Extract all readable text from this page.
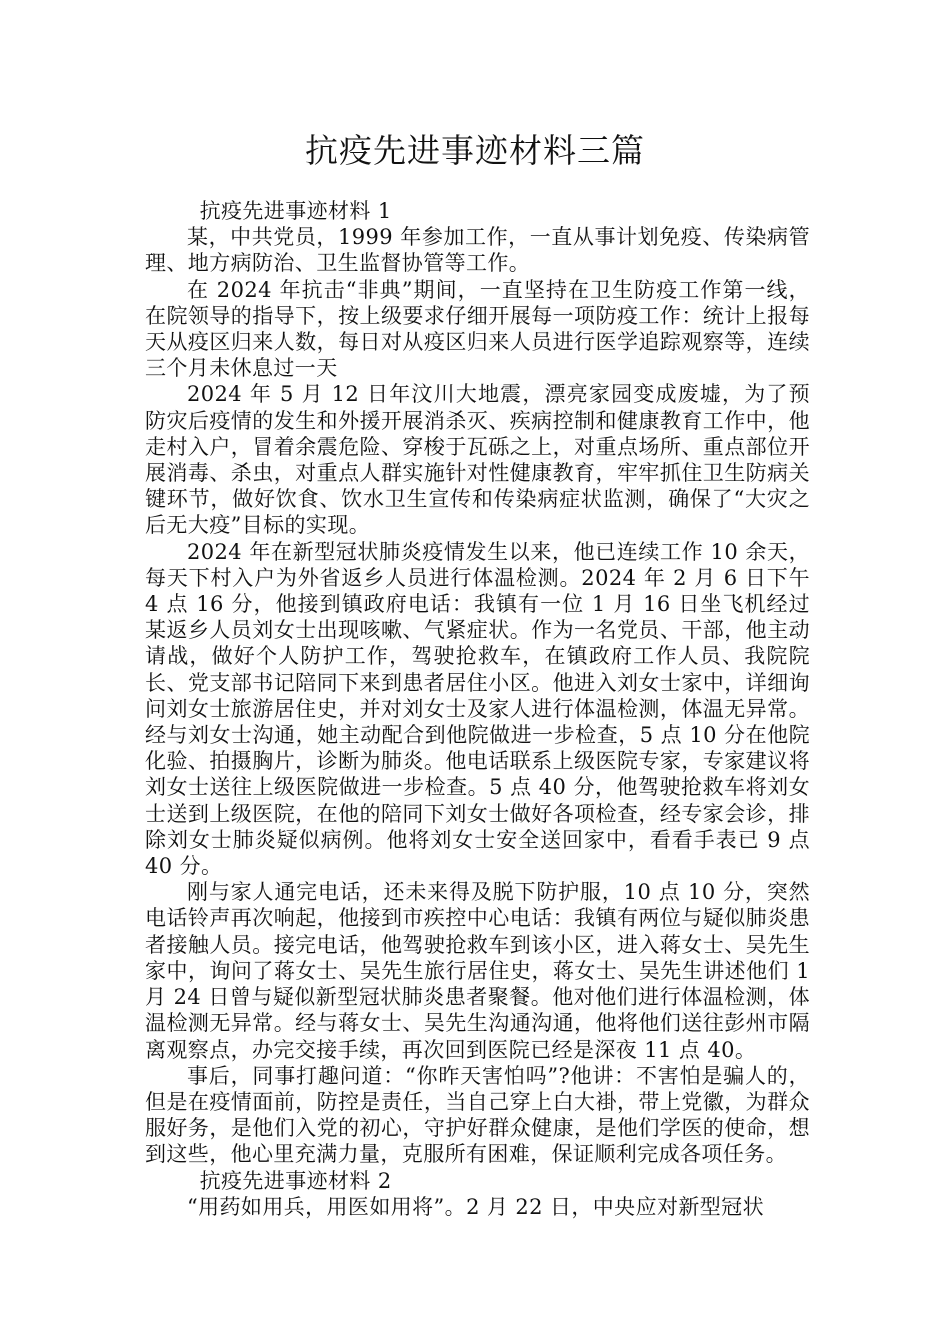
抗疫先进事迹材料三篇

抗疫先进事迹材料 1

某，中共党员，1999 年参加工作，一直从事计划免疫、传染病管理、地方病防治、卫生监督协管等工作。

在 2024 年抗击“非典”期间，一直坚持在卫生防疫工作第一线，在院领导的指导下，按上级要求仔细开展每一项防疫工作：统计上报每天从疫区归来人数，每日对从疫区归来人员进行医学追踪观察等，连续三个月未休息过一天

2024 年 5 月 12 日年汶川大地震，漂亮家园变成废墟，为了预防灾后疫情的发生和外援开展消杀灭、疾病控制和健康教育工作中，他走村入户，冒着余震危险、穿梭于瓦砾之上，对重点场所、重点部位开展消毒、杀虫，对重点人群实施针对性健康教育，牢牢抓住卫生防病关键环节，做好饮食、饮水卫生宣传和传染病症状监测，确保了“大灾之后无大疫”目标的实现。

2024 年在新型冠状肺炎疫情发生以来，他已连续工作 10 余天，每天下村入户为外省返乡人员进行体温检测。2024 年 2 月 6 日下午 4 点 16 分，他接到镇政府电话：我镇有一位 1 月 16 日坐飞机经过某返乡人员刘女士出现咳嗽、气紧症状。作为一名党员、干部，他主动请战，做好个人防护工作，驾驶抢救车，在镇政府工作人员、我院院长、党支部书记陪同下来到患者居住小区。他进入刘女士家中，详细询问刘女士旅游居住史，并对刘女士及家人进行体温检测，体温无异常。经与刘女士沟通，她主动配合到他院做进一步检查，5 点 10 分在他院化验、拍摄胸片，诊断为肺炎。他电话联系上级医院专家，专家建议将刘女士送往上级医院做进一步检查。5 点 40 分，他驾驶抢救车将刘女士送到上级医院，在他的陪同下刘女士做好各项检查，经专家会诊，排除刘女士肺炎疑似病例。他将刘女士安全送回家中，看看手表已 9 点 40 分。

刚与家人通完电话，还未来得及脱下防护服，10 点 10 分，突然电话铃声再次响起，他接到市疾控中心电话：我镇有两位与疑似肺炎患者接触人员。接完电话，他驾驶抢救车到该小区，进入蒋女士、吴先生家中，询问了蒋女士、吴先生旅行居住史，蒋女士、吴先生讲述他们 1 月 24 日曾与疑似新型冠状肺炎患者聚餐。他对他们进行体温检测，体温检测无异常。经与蒋女士、吴先生沟通沟通，他将他们送往彭州市隔离观察点，办完交接手续，再次回到医院已经是深夜 11 点 40。

事后，同事打趣问道：“你昨天害怕吗”?他讲：不害怕是骗人的，但是在疫情面前，防控是责任，当自己穿上白大褂，带上党徽，为群众服好务，是他们入党的初心，守护好群众健康，是他们学医的使命，想到这些，他心里充满力量，克服所有困难，保证顺利完成各项任务。

抗疫先进事迹材料 2

“用药如用兵，用医如用将”。2 月 22 日，中央应对新型冠状
